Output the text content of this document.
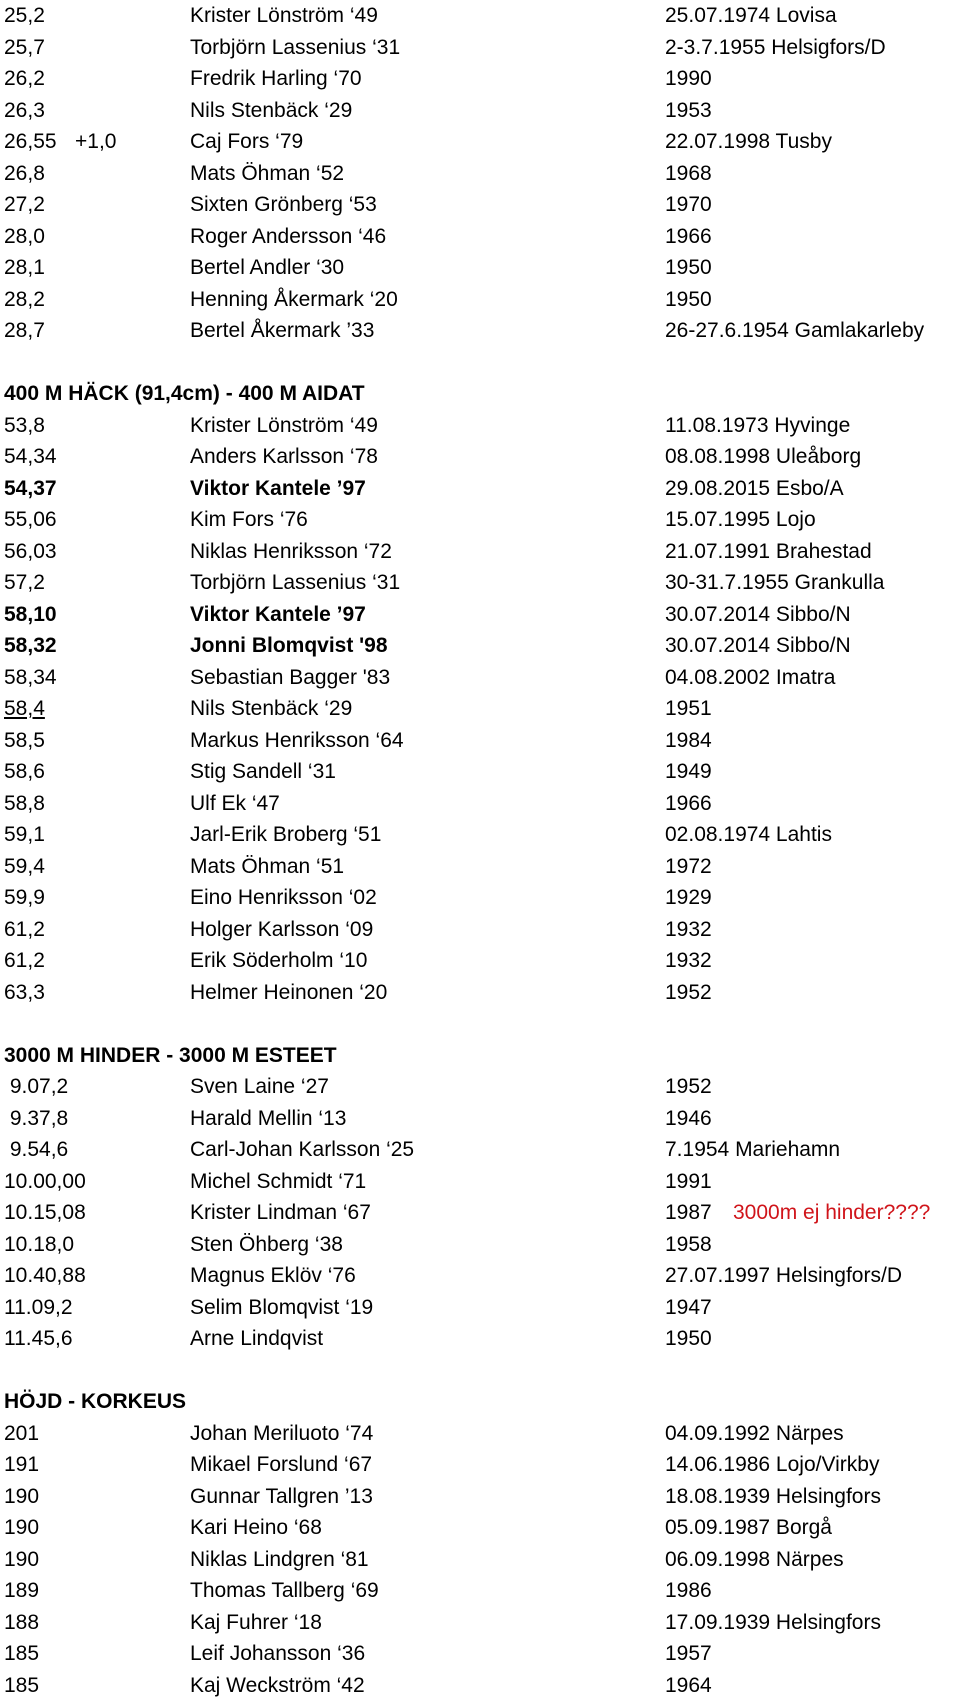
25,2	Krister Lönström ‘49	25.07.1974 Lovisa
25,7	Torbjörn Lassenius ‘31	2-3.7.1955 Helsigfors/D
26,2	Fredrik Harling ‘70	1990
26,3	Nils Stenbäck ‘29	1953
26,55 +1,0	Caj Fors ‘79	22.07.1998 Tusby
26,8	Mats Öhman ‘52	1968
27,2	Sixten Grönberg ‘53	1970
28,0	Roger Andersson ‘46	1966
28,1	Bertel Andler ‘30	1950
28,2	Henning Åkermark ‘20	1950
28,7	Bertel Åkermark ’33	26-27.6.1954 Gamlakarleby
400 M HÄCK (91,4cm) - 400 M AIDAT
53,8	Krister Lönström ‘49	11.08.1973 Hyvinge
54,34	Anders Karlsson ‘78	08.08.1998 Uleåborg
54,37	Viktor Kantele ’97	29.08.2015 Esbo/A
55,06	Kim Fors ‘76	15.07.1995 Lojo
56,03	Niklas Henriksson ‘72	21.07.1991 Brahestad
57,2	Torbjörn Lassenius ‘31	30-31.7.1955 Grankulla
58,10	Viktor Kantele ’97	30.07.2014 Sibbo/N
58,32	Jonni Blomqvist '98	30.07.2014 Sibbo/N
58,34	Sebastian Bagger '83	04.08.2002 Imatra
58,4	Nils Stenbäck ‘29	1951
58,5	Markus Henriksson ‘64	1984
58,6	Stig Sandell ‘31	1949
58,8	Ulf Ek ‘47	1966
59,1	Jarl-Erik Broberg ‘51	02.08.1974 Lahtis
59,4	Mats Öhman ‘51	1972
59,9	Eino Henriksson ‘02	1929
61,2	Holger Karlsson ‘09	1932
61,2	Erik Söderholm ‘10	1932
63,3	Helmer Heinonen ‘20	1952
3000 M HINDER - 3000 M ESTEET
9.07,2	Sven Laine ‘27	1952
9.37,8	Harald Mellin ‘13	1946
9.54,6	Carl-Johan Karlsson ‘25	7.1954 Mariehamn
10.00,00	Michel Schmidt ‘71	1991
10.15,08	Krister Lindman ‘67	1987 3000m ej hinder????
10.18,0	Sten Öhberg ‘38	1958
10.40,88	Magnus Eklöv ‘76	27.07.1997 Helsingfors/D
11.09,2	Selim Blomqvist ‘19	1947
11.45,6	Arne Lindqvist	1950
HÖJD - KORKEUS
201	Johan Meriluoto ‘74	04.09.1992 Närpes
191	Mikael Forslund ‘67	14.06.1986 Lojo/Virkby
190	Gunnar Tallgren ’13	18.08.1939 Helsingfors
190	Kari Heino ‘68	05.09.1987 Borgå
190	Niklas Lindgren ‘81	06.09.1998 Närpes
189	Thomas Tallberg ‘69	1986
188	Kaj Fuhrer ‘18	17.09.1939 Helsingfors
185	Leif Johansson ‘36	1957
185	Kaj Weckström ‘42	1964
